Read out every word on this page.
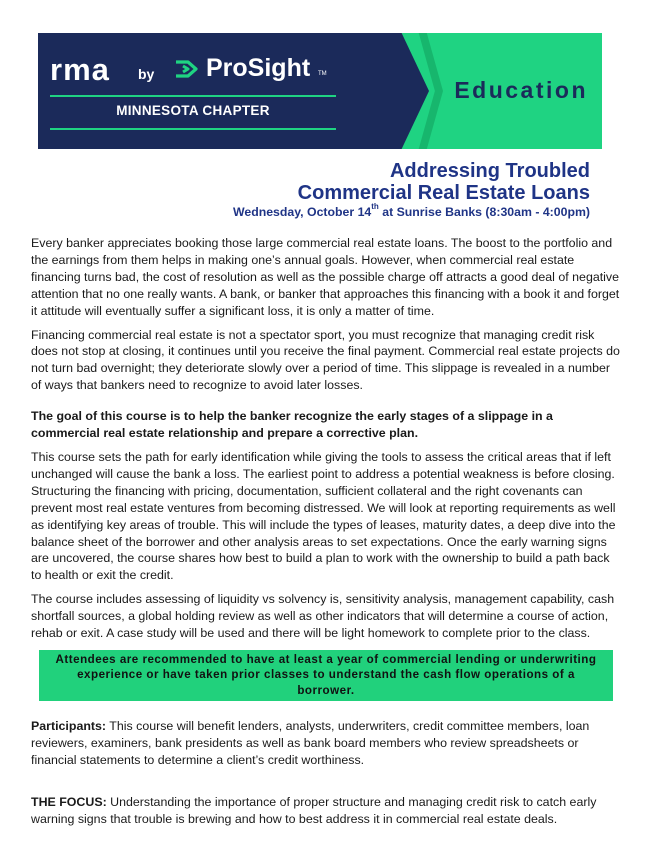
rma by ProSight TM
MINNESOTA CHAPTER
Education
Addressing Troubled
Commercial Real Estate Loans
Wednesday, October 14th at Sunrise Banks (8:30am - 4:00pm)

Every banker appreciates booking those large commercial real estate loans. The boost to the portfolio and the earnings from them helps in making one’s annual goals. However, when commercial real estate financing turns bad, the cost of resolution as well as the possible charge off attracts a good deal of negative attention that no one really wants. A bank, or banker that approaches this financing with a book it and forget it attitude will eventually suffer a significant loss, it is only a matter of time.

Financing commercial real estate is not a spectator sport, you must recognize that managing credit risk does not stop at closing, it continues until you receive the final payment. Commercial real estate projects do not turn bad overnight; they deteriorate slowly over a period of time. This slippage is revealed in a number of ways that bankers need to recognize to avoid later losses.

The goal of this course is to help the banker recognize the early stages of a slippage in a commercial real estate relationship and prepare a corrective plan.

This course sets the path for early identification while giving the tools to assess the critical areas that if left unchanged will cause the bank a loss. The earliest point to address a potential weakness is before closing. Structuring the financing with pricing, documentation, sufficient collateral and the right covenants can prevent most real estate ventures from becoming distressed. We will look at reporting requirements as well as identifying key areas of trouble. This will include the types of leases, maturity dates, a deep dive into the balance sheet of the borrower and other analysis areas to set expectations. Once the early warning signs are uncovered, the course shares how best to build a plan to work with the ownership to build a path back to health or exit the credit.

The course includes assessing of liquidity vs solvency is, sensitivity analysis, management capability, cash shortfall sources, a global holding review as well as other indicators that will determine a course of action, rehab or exit. A case study will be used and there will be light homework to complete prior to the class.

Attendees are recommended to have at least a year of commercial lending or underwriting experience or have taken prior classes to understand the cash flow operations of a borrower.

Participants: This course will benefit lenders, analysts, underwriters, credit committee members, loan reviewers, examiners, bank presidents as well as bank board members who review spreadsheets or financial statements to determine a client’s credit worthiness.

THE FOCUS: Understanding the importance of proper structure and managing credit risk to catch early warning signs that trouble is brewing and how to best address it in commercial real estate deals.
